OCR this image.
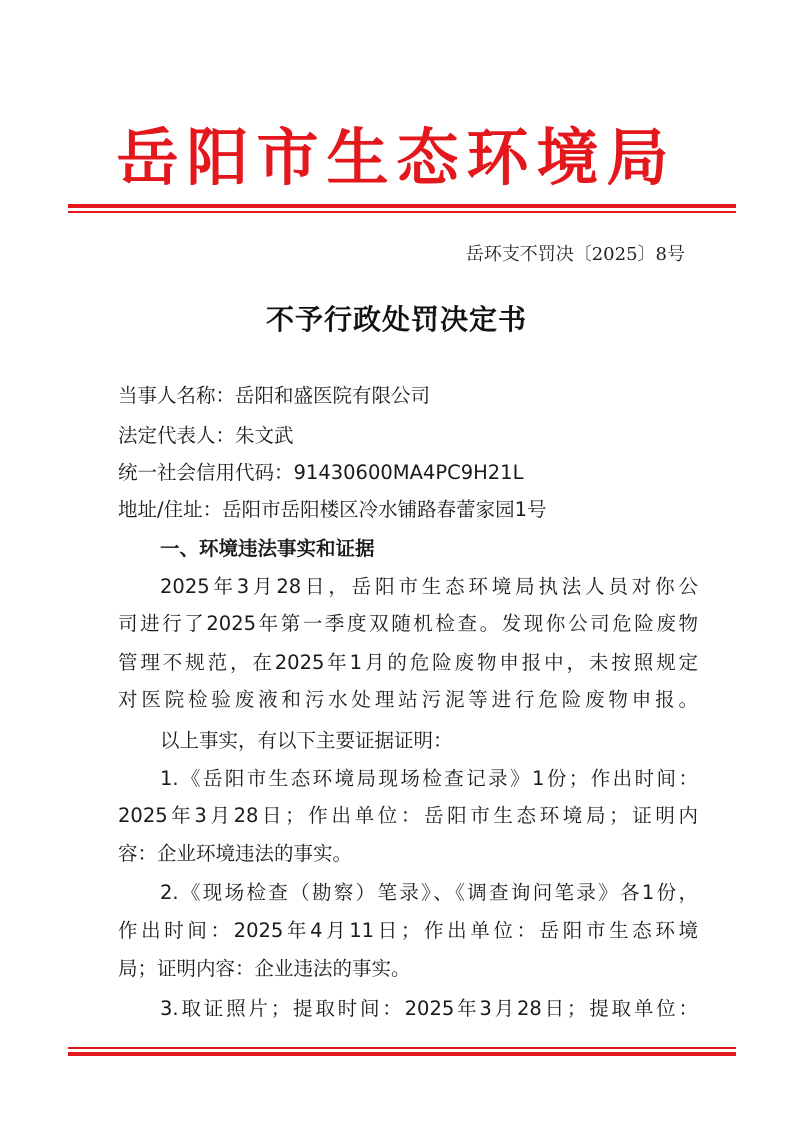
岳阳市生态环境局
岳环支不罚决〔2025〕8号
不予行政处罚决定书
当事人名称：岳阳和盛医院有限公司
法定代表人：朱文武
统一社会信用代码：91430600MA4PC9H21L
地址/住址：岳阳市岳阳楼区冷水铺路春蕾家园1号
一、环境违法事实和证据
2025年3月28日，岳阳市生态环境局执法人员对你公
司进行了2025年第一季度双随机检查。发现你公司危险废物
管理不规范，在2025年1月的危险废物申报中，未按照规定
对医院检验废液和污水处理站污泥等进行危险废物申报。
以上事实，有以下主要证据证明：
1.《岳阳市生态环境局现场检查记录》1份；作出时间：
2025年3月28日；作出单位：岳阳市生态环境局；证明内
容：企业环境违法的事实。
2.《现场检查（勘察）笔录》、《调查询问笔录》各1份，
作出时间：2025年4月11日；作出单位：岳阳市生态环境
局；证明内容：企业违法的事实。
3.取证照片；提取时间：2025年3月28日；提取单位：
